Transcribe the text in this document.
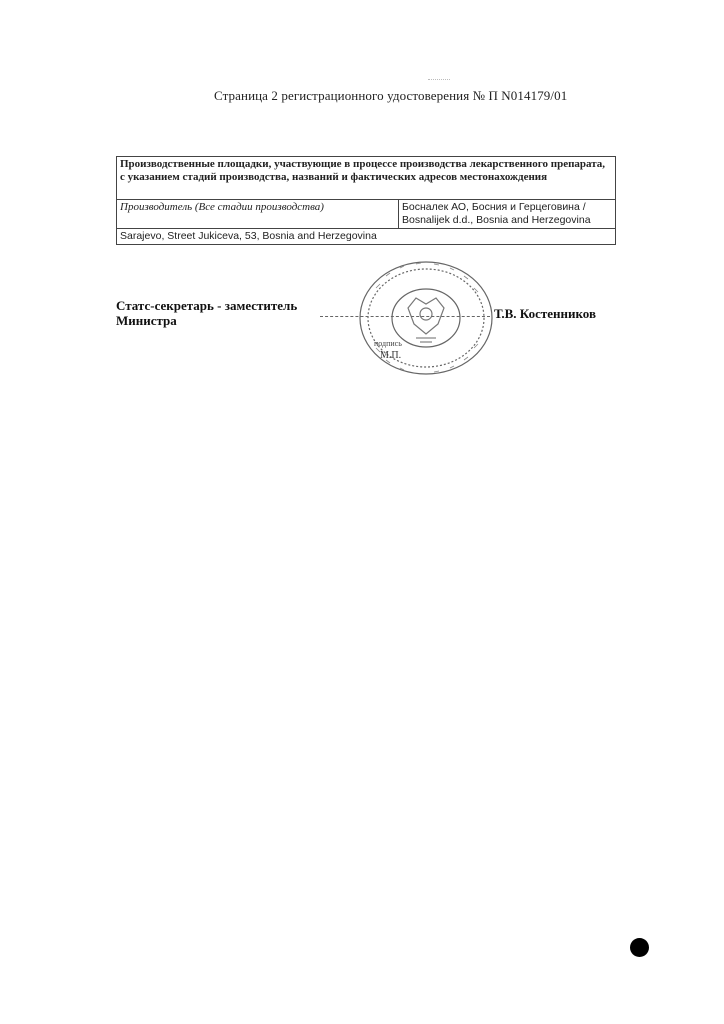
Страница 2 регистрационного удостоверения № П N014179/01
Производственные площадки, участвующие в процессе производства лекарственного препарата, с указанием стадий производства, названий и фактических адресов местонахождения
Производитель (Все стадии производства)	Босналек АО, Босния и Герцеговина /
Bosnalijek d.d., Bosnia and Herzegovina

Sarajevo, Street Jukiceva, 53, Bosnia and Herzegovina
Статс-секретарь - заместитель
Министра	Т.В. Костенников
подпись
М.П.
